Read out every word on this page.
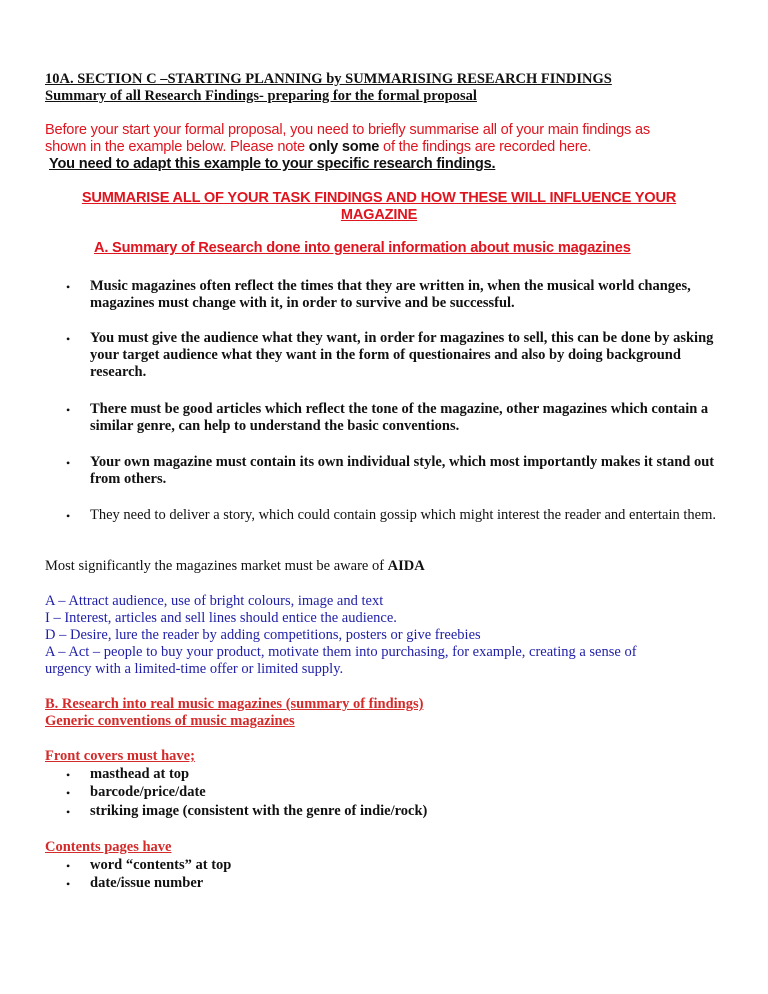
10A. SECTION C –STARTING PLANNING by SUMMARISING RESEARCH FINDINGS
Summary of all Research Findings- preparing for the formal proposal
Before your start your formal proposal, you need to briefly summarise all of your main findings as
shown in the example below. Please note only some of the findings are recorded here.
You need to adapt this example to your specific research findings.
SUMMARISE ALL OF YOUR TASK FINDINGS AND HOW THESE WILL INFLUENCE YOUR
MAGAZINE
A. Summary of Research done into general information about music magazines
• Music magazines often reflect the times that they are written in, when the musical world changes, magazines must change with it, in order to survive and be successful.
• You must give the audience what they want, in order for magazines to sell, this can be done by asking your target audience what they want in the form of questionaires and also by doing background research.
• There must be good articles which reflect the tone of the magazine, other magazines which contain a similar genre, can help to understand the basic conventions.
• Your own magazine must contain its own individual style, which most importantly makes it stand out from others.
• They need to deliver a story, which could contain gossip which might interest the reader and entertain them.
Most significantly the magazines market must be aware of AIDA
A – Attract audience, use of bright colours, image and text
I – Interest, articles and sell lines should entice the audience.
D – Desire, lure the reader by adding competitions, posters or give freebies
A – Act – people to buy your product, motivate them into purchasing, for example, creating a sense of
urgency with a limited-time offer or limited supply.
B. Research into real music magazines (summary of findings)
Generic conventions of music magazines
Front covers must have;
• masthead at top
• barcode/price/date
• striking image (consistent with the genre of indie/rock)
Contents pages have
• word “contents” at top
• date/issue number
